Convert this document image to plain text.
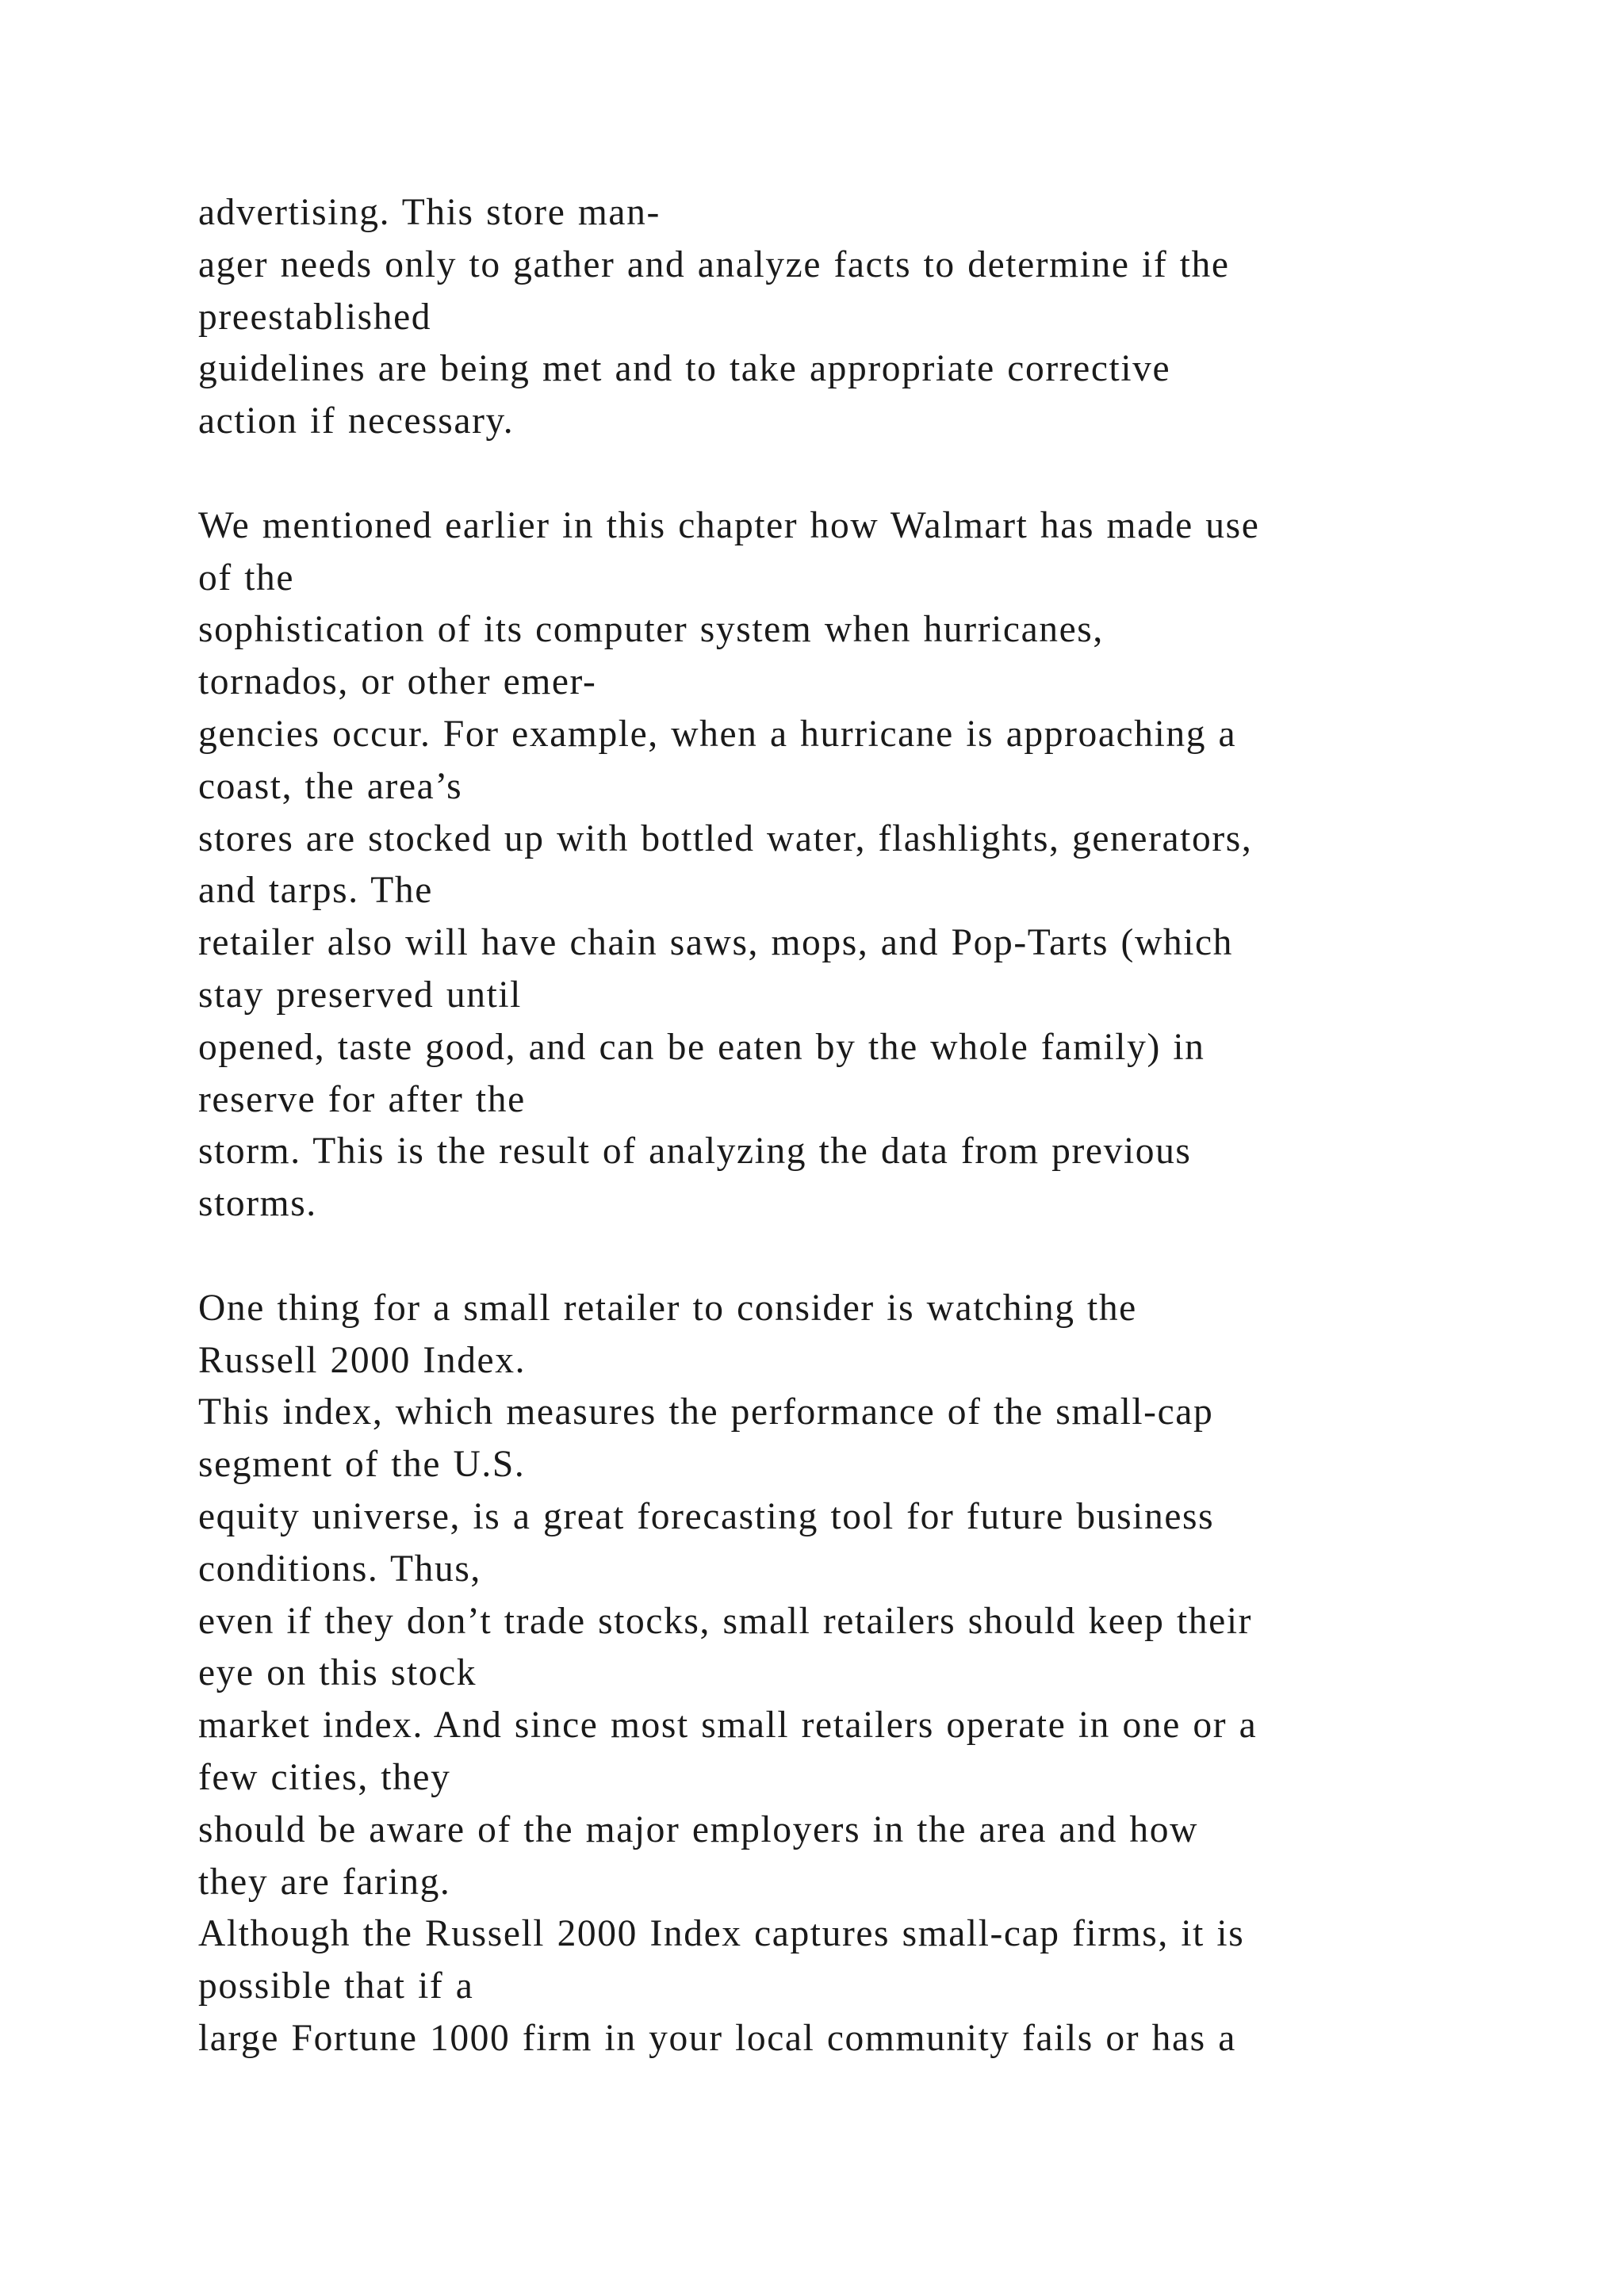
advertising. This store man-
ager needs only to gather and analyze facts to determine if the
preestablished
guidelines are being met and to take appropriate corrective
action if necessary.

We mentioned earlier in this chapter how Walmart has made use
of the
sophistication of its computer system when hurricanes,
tornados, or other emer-
gencies occur. For example, when a hurricane is approaching a
coast, the area’s
stores are stocked up with bottled water, flashlights, generators,
and tarps. The
retailer also will have chain saws, mops, and Pop-Tarts (which
stay preserved until
opened, taste good, and can be eaten by the whole family) in
reserve for after the
storm. This is the result of analyzing the data from previous
storms.

One thing for a small retailer to consider is watching the
Russell 2000 Index.
This index, which measures the performance of the small-cap
segment of the U.S.
equity universe, is a great forecasting tool for future business
conditions. Thus,
even if they don’t trade stocks, small retailers should keep their
eye on this stock
market index. And since most small retailers operate in one or a
few cities, they
should be aware of the major employers in the area and how
they are faring.
Although the Russell 2000 Index captures small-cap firms, it is
possible that if a
large Fortune 1000 firm in your local community fails or has a
